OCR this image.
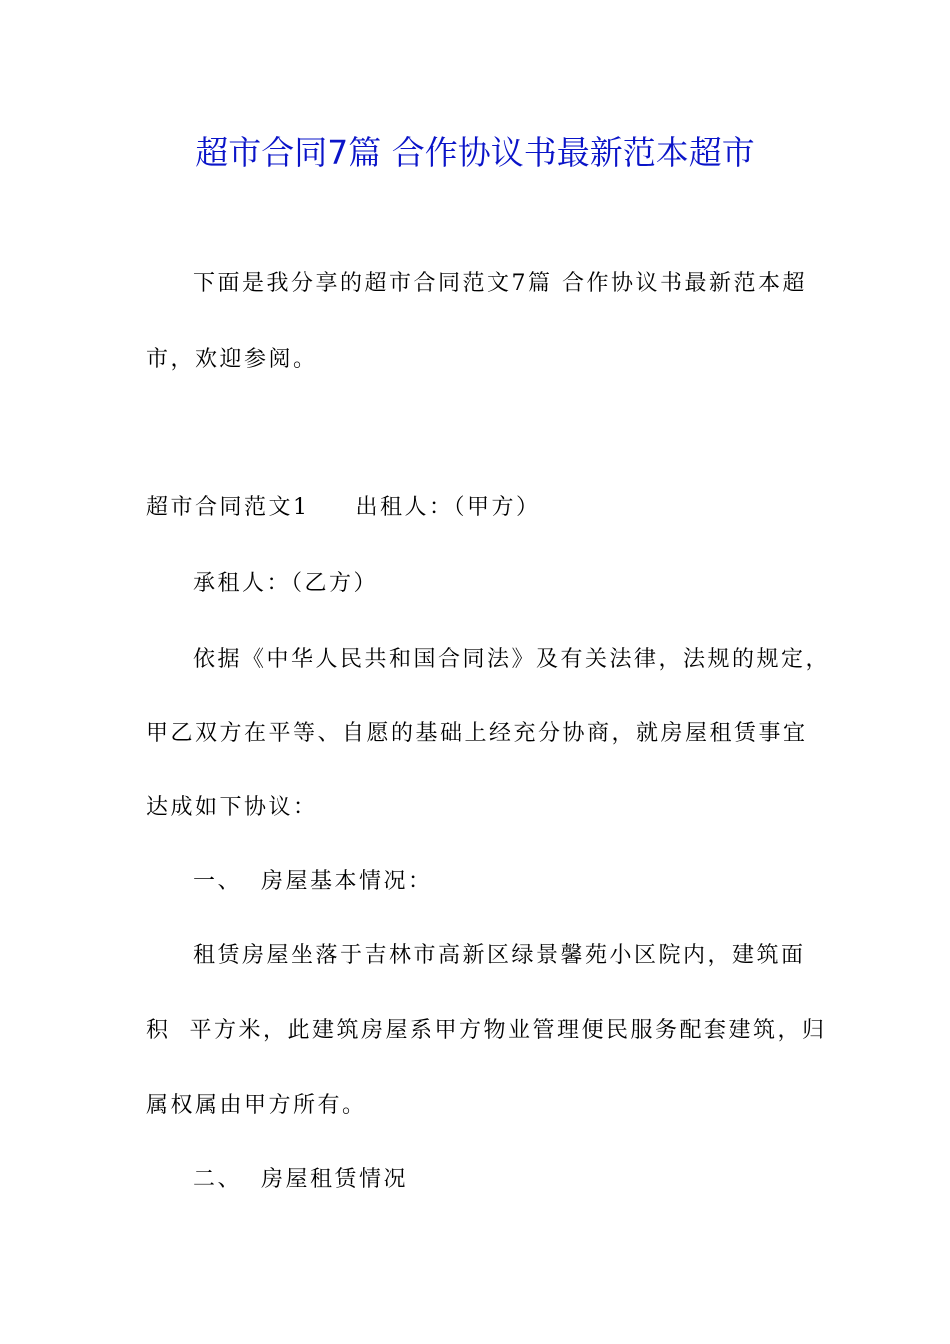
超市合同7篇 合作协议书最新范本超市
下面是我分享的超市合同范文7篇 合作协议书最新范本超
市，欢迎参阅。
超市合同范文1 出租人：（甲方）
承租人：（乙方）
依据《中华人民共和国合同法》及有关法律，法规的规定，
甲乙双方在平等、自愿的基础上经充分协商，就房屋租赁事宜
达成如下协议：
一、  房屋基本情况：
租赁房屋坐落于吉林市高新区绿景馨苑小区院内，建筑面
积  平方米，此建筑房屋系甲方物业管理便民服务配套建筑，归
属权属由甲方所有。
二、  房屋租赁情况
